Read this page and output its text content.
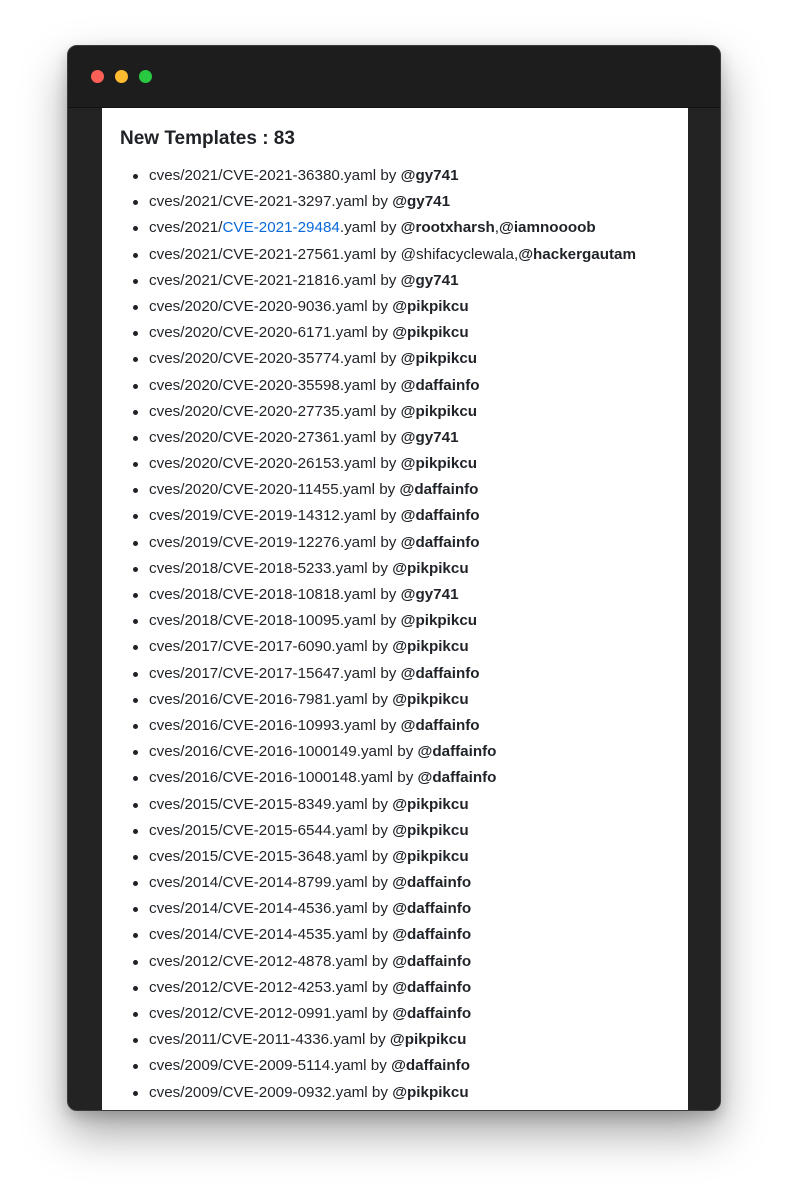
New Templates : 83
cves/2021/CVE-2021-36380.yaml by @gy741
cves/2021/CVE-2021-3297.yaml by @gy741
cves/2021/CVE-2021-29484.yaml by @rootxharsh,@iamnoooob
cves/2021/CVE-2021-27561.yaml by @shifacyclewala,@hackergautam
cves/2021/CVE-2021-21816.yaml by @gy741
cves/2020/CVE-2020-9036.yaml by @pikpikcu
cves/2020/CVE-2020-6171.yaml by @pikpikcu
cves/2020/CVE-2020-35774.yaml by @pikpikcu
cves/2020/CVE-2020-35598.yaml by @daffainfo
cves/2020/CVE-2020-27735.yaml by @pikpikcu
cves/2020/CVE-2020-27361.yaml by @gy741
cves/2020/CVE-2020-26153.yaml by @pikpikcu
cves/2020/CVE-2020-11455.yaml by @daffainfo
cves/2019/CVE-2019-14312.yaml by @daffainfo
cves/2019/CVE-2019-12276.yaml by @daffainfo
cves/2018/CVE-2018-5233.yaml by @pikpikcu
cves/2018/CVE-2018-10818.yaml by @gy741
cves/2018/CVE-2018-10095.yaml by @pikpikcu
cves/2017/CVE-2017-6090.yaml by @pikpikcu
cves/2017/CVE-2017-15647.yaml by @daffainfo
cves/2016/CVE-2016-7981.yaml by @pikpikcu
cves/2016/CVE-2016-10993.yaml by @daffainfo
cves/2016/CVE-2016-1000149.yaml by @daffainfo
cves/2016/CVE-2016-1000148.yaml by @daffainfo
cves/2015/CVE-2015-8349.yaml by @pikpikcu
cves/2015/CVE-2015-6544.yaml by @pikpikcu
cves/2015/CVE-2015-3648.yaml by @pikpikcu
cves/2014/CVE-2014-8799.yaml by @daffainfo
cves/2014/CVE-2014-4536.yaml by @daffainfo
cves/2014/CVE-2014-4535.yaml by @daffainfo
cves/2012/CVE-2012-4878.yaml by @daffainfo
cves/2012/CVE-2012-4253.yaml by @daffainfo
cves/2012/CVE-2012-0991.yaml by @daffainfo
cves/2011/CVE-2011-4336.yaml by @pikpikcu
cves/2009/CVE-2009-5114.yaml by @daffainfo
cves/2009/CVE-2009-0932.yaml by @pikpikcu
